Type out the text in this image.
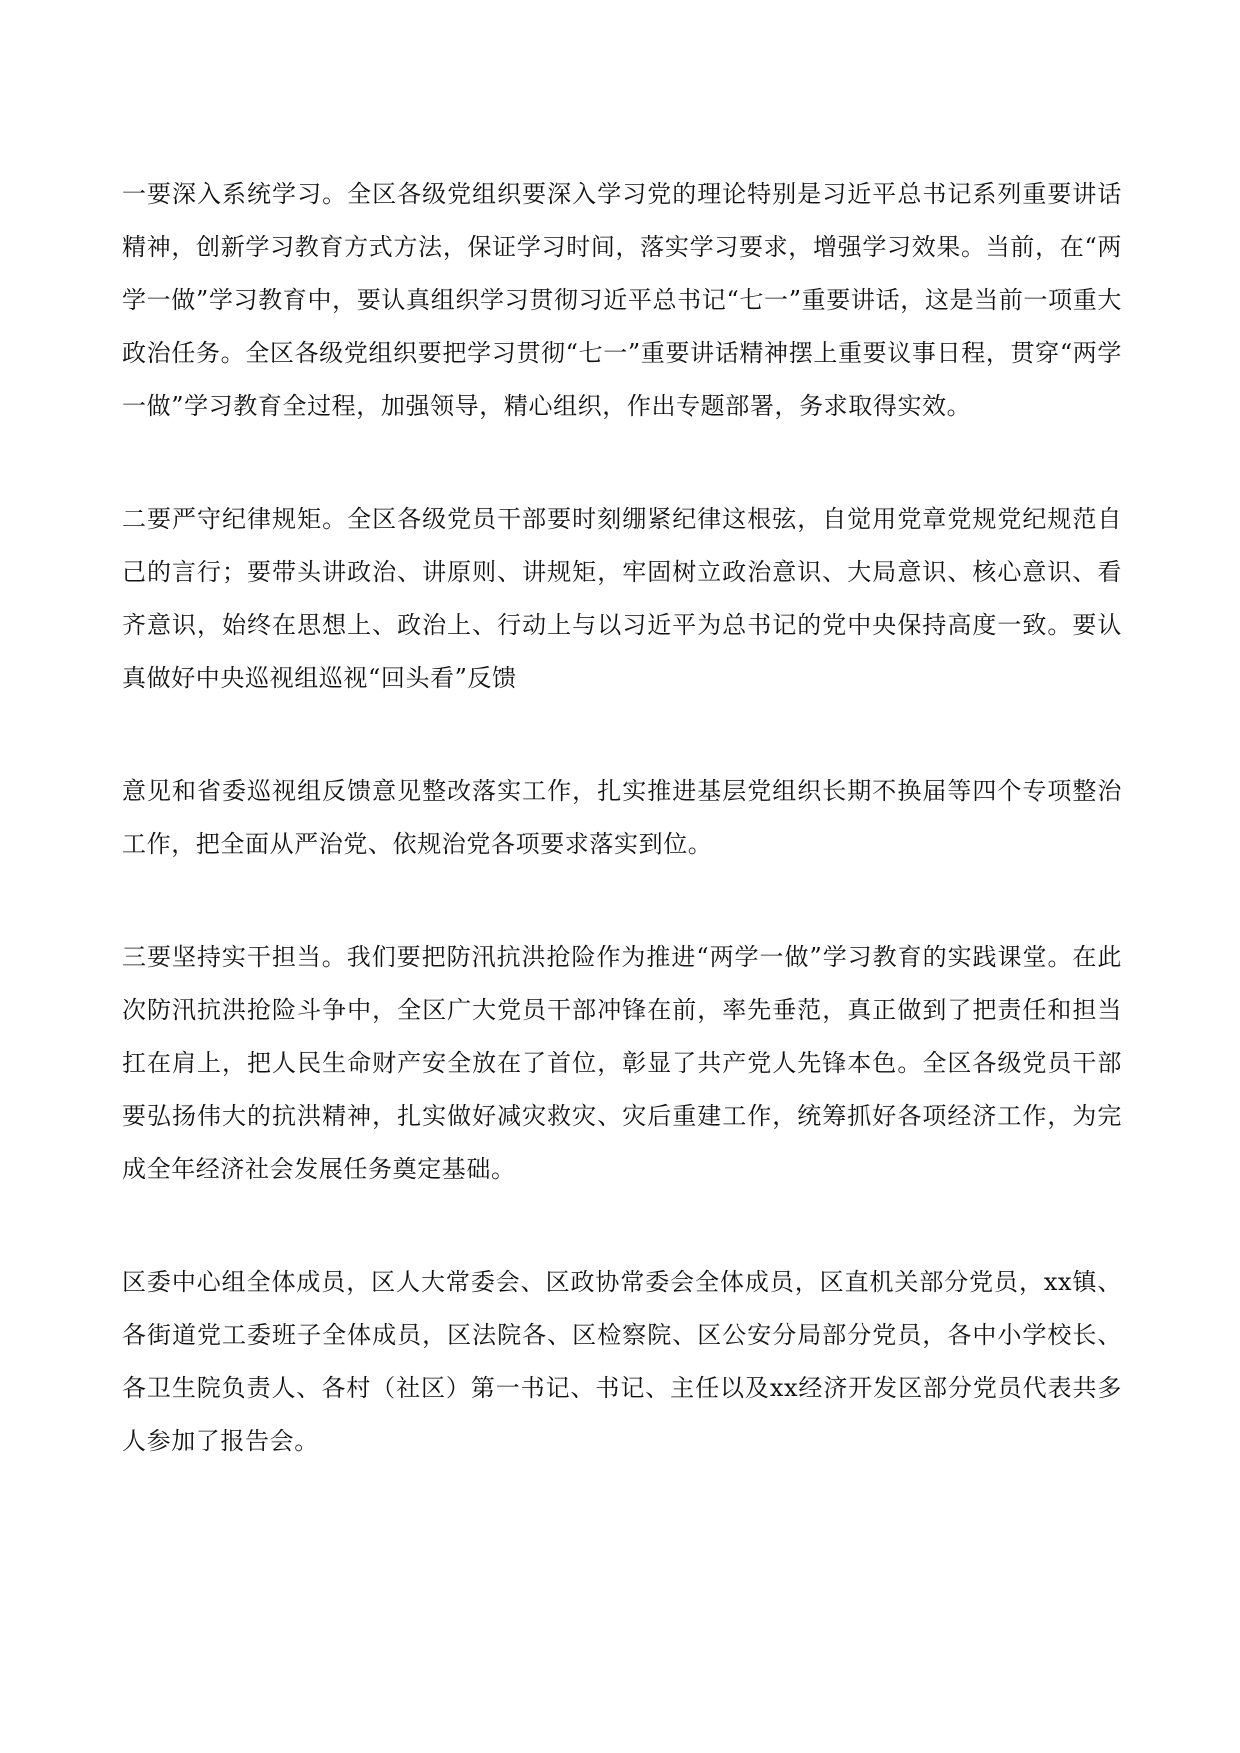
一要深入系统学习。全区各级党组织要深入学习党的理论特别是习近平总书记系列重要讲话精神，创新学习教育方式方法，保证学习时间，落实学习要求，增强学习效果。当前，在“两学一做”学习教育中，要认真组织学习贯彻习近平总书记“七一”重要讲话，这是当前一项重大政治任务。全区各级党组织要把学习贯彻“七一”重要讲话精神摆上重要议事日程，贯穿“两学一做”学习教育全过程，加强领导，精心组织，作出专题部署，务求取得实效。

二要严守纪律规矩。全区各级党员干部要时刻绷紧纪律这根弦，自觉用党章党规党纪规范自己的言行；要带头讲政治、讲原则、讲规矩，牢固树立政治意识、大局意识、核心意识、看齐意识，始终在思想上、政治上、行动上与以习近平为总书记的党中央保持高度一致。要认真做好中央巡视组巡视“回头看”反馈

意见和省委巡视组反馈意见整改落实工作，扎实推进基层党组织长期不换届等四个专项整治工作，把全面从严治党、依规治党各项要求落实到位。

三要坚持实干担当。我们要把防汛抗洪抢险作为推进“两学一做”学习教育的实践课堂。在此次防汛抗洪抢险斗争中，全区广大党员干部冲锋在前，率先垂范，真正做到了把责任和担当扛在肩上，把人民生命财产安全放在了首位，彰显了共产党人先锋本色。全区各级党员干部要弘扬伟大的抗洪精神，扎实做好减灾救灾、灾后重建工作，统筹抓好各项经济工作，为完成全年经济社会发展任务奠定基础。

区委中心组全体成员，区人大常委会、区政协常委会全体成员，区直机关部分党员，xx镇、各街道党工委班子全体成员，区法院各、区检察院、区公安分局部分党员，各中小学校长、各卫生院负责人、各村（社区）第一书记、书记、主任以及xx经济开发区部分党员代表共多人参加了报告会。
